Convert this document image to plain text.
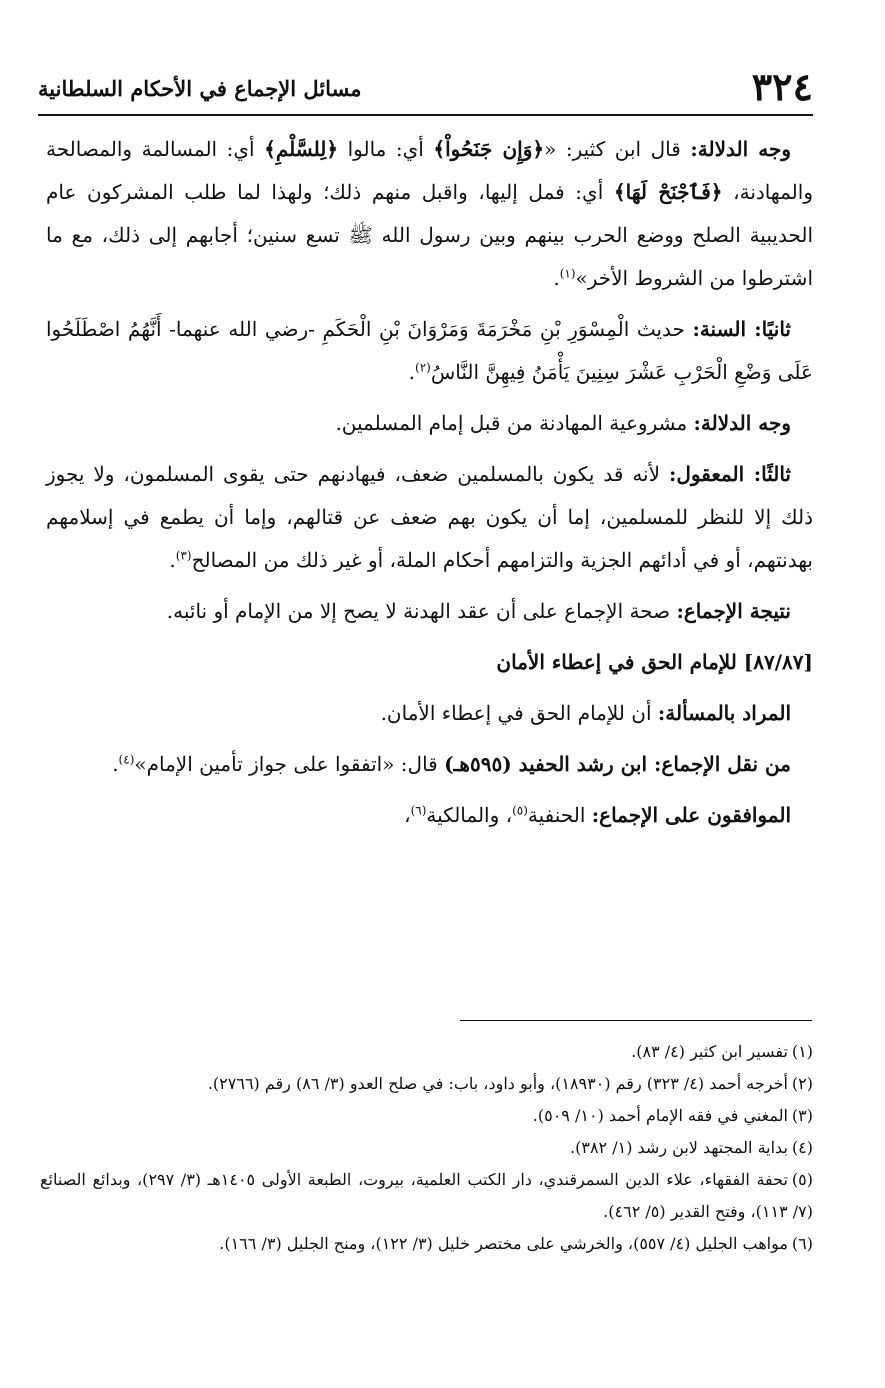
٣٢٤
مسائل الإجماع في الأحكام السلطانية

وجه الدلالة: قال ابن كثير: «﴿وَإِن جَنَحُواْ﴾ أي: مالوا ﴿لِلسَّلْمِ﴾ أي: المسالمة والمصالحة والمهادنة، ﴿فَٱجْنَحْ لَهَا﴾ أي: فمل إليها، واقبل منهم ذلك؛ ولهذا لما طلب المشركون عام الحديبية الصلح ووضع الحرب بينهم وبين رسول الله ﷺ تسع سنين؛ أجابهم إلى ذلك، مع ما اشترطوا من الشروط الأخر»$^{(١)}$.

ثانيًا: السنة: حديث الْمِسْوَرِ بْنِ مَخْرَمَةَ وَمَرْوَانَ بْنِ الْحَكَمِ -رضي الله عنهما- أَنَّهُمُ اصْطَلَحُوا عَلَى وَضْعِ الْحَرْبِ عَشْرَ سِنِينَ يَأْمَنُ فِيهِنَّ النَّاسُ$^{(٢)}$.

وجه الدلالة: مشروعية المهادنة من قبل إمام المسلمين.

ثالثًا: المعقول: لأنه قد يكون بالمسلمين ضعف، فيهادنهم حتى يقوى المسلمون، ولا يجوز ذلك إلا للنظر للمسلمين، إما أن يكون بهم ضعف عن قتالهم، وإما أن يطمع في إسلامهم بهدنتهم، أو في أدائهم الجزية والتزامهم أحكام الملة، أو غير ذلك من المصالح$^{(٣)}$.

نتيجة الإجماع: صحة الإجماع على أن عقد الهدنة لا يصح إلا من الإمام أو نائبه.

[٨٧/٨٧] للإمام الحق في إعطاء الأمان

المراد بالمسألة: أن للإمام الحق في إعطاء الأمان.

من نقل الإجماع: ابن رشد الحفيد (٥٩٥هـ) قال: «اتفقوا على جواز تأمين الإمام»$^{(٤)}$.

الموافقون على الإجماع: الحنفية$^{(٥)}$، والمالكية$^{(٦)}$،

(١)تفسير ابن كثير (٤/ ٨٣).

(٢)أخرجه أحمد (٤/ ٣٢٣) رقم (١٨٩٣٠)، وأبو داود، باب: في صلح العدو (٣/ ٨٦) رقم (٢٧٦٦).

(٣)المغني في فقه الإمام أحمد (١٠/ ٥٠٩).

(٤)بداية المجتهد لابن رشد (١/ ٣٨٢).

(٥)تحفة الفقهاء، علاء الدين السمرقندي، دار الكتب العلمية، بيروت، الطبعة الأولى ١٤٠٥هـ (٣/ ٢٩٧)، وبدائع الصنائع (٧/ ١١٣)، وفتح القدير (٥/ ٤٦٢).

(٦)مواهب الجليل (٤/ ٥٥٧)، والخرشي على مختصر خليل (٣/ ١٢٢)، ومنح الجليل (٣/ ١٦٦).
